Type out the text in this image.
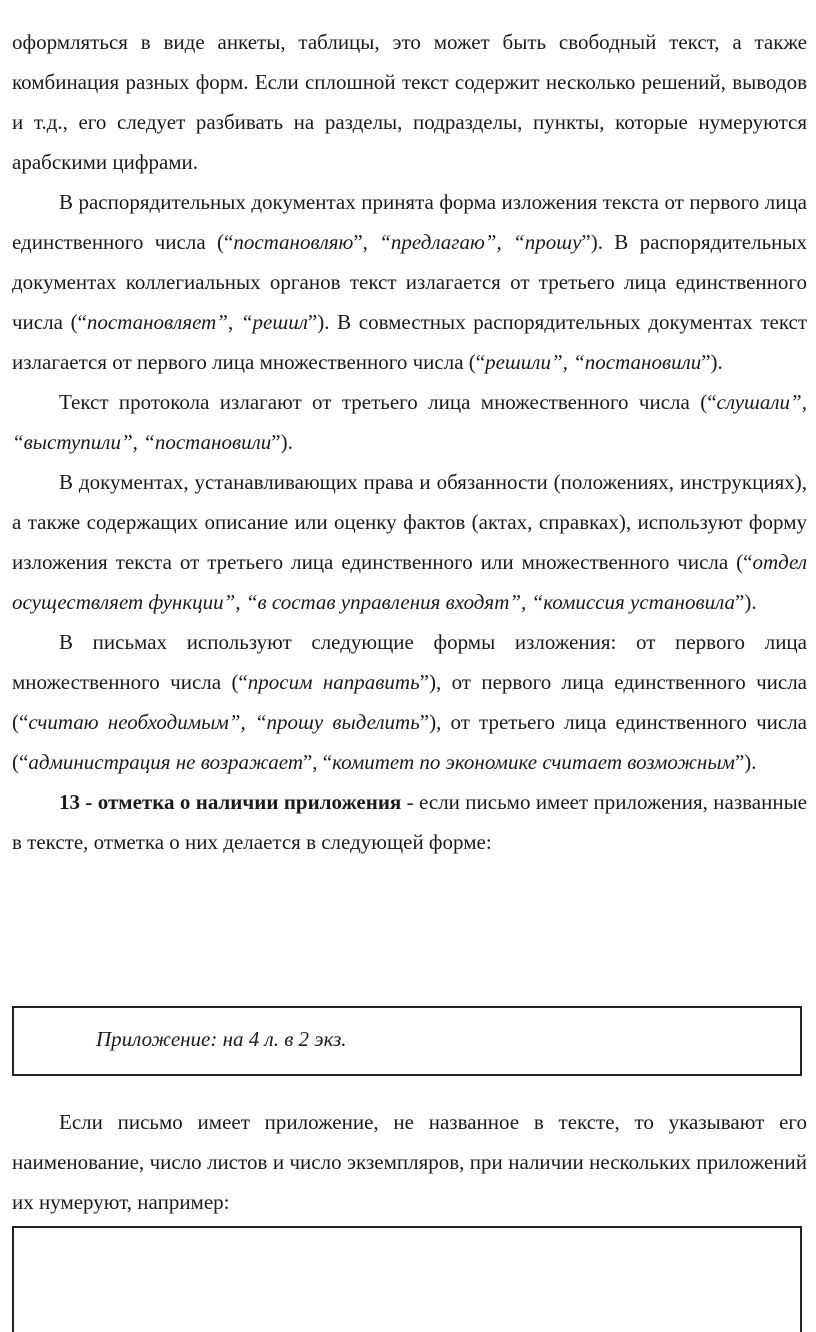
оформляться в виде анкеты, таблицы, это может быть свободный текст, а также комбинация разных форм. Если сплошной текст содержит несколько решений, выводов и т.д., его следует разбивать на разделы, подразделы, пункты, которые нумеруются арабскими цифрами.

В распорядительных документах принята форма изложения текста от первого лица единственного числа (“постановляю”, “предлагаю”, “прошу”). В распорядительных документах коллегиальных органов текст излагается от третьего лица единственного числа (“постановляет”, “решил”). В совместных распорядительных документах текст излагается от первого лица множественного числа (“решили”, “постановили”).

Текст протокола излагают от третьего лица множественного числа (“слушали”, “выступили”, “постановили”).

В документах, устанавливающих права и обязанности (положениях, инструкциях), а также содержащих описание или оценку фактов (актах, справках), используют форму изложения текста от третьего лица единственного или множественного числа (“отдел осуществляет функции”, “в состав управления входят”, “комиссия установила”).

В письмах используют следующие формы изложения: от первого лица множественного числа (“просим направить”), от первого лица единственного числа (“считаю необходимым”, “прошу выделить”), от третьего лица единственного числа (“администрация не возражает”, “комитет по экономике считает возможным”).

13 - отметка о наличии приложения - если письмо имеет приложения, названные в тексте, отметка о них делается в следующей форме:

Приложение: на 4 л. в 2 экз.

Если письмо имеет приложение, не названное в тексте, то указывают его наименование, число листов и число экземпляров, при наличии нескольких приложений их нумеруют, например:
